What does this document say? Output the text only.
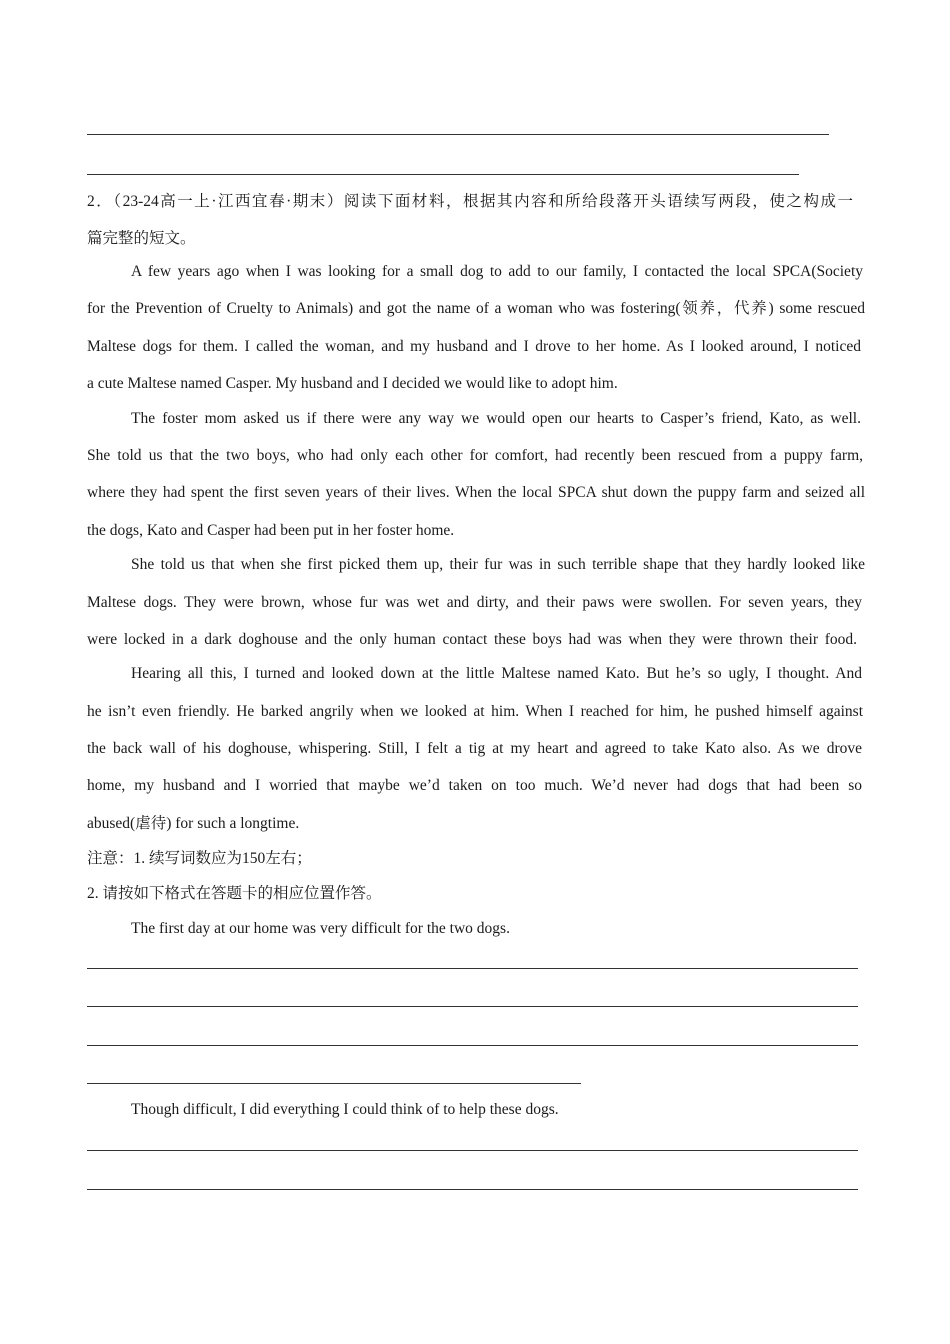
2．（23-24高一上·江西宜春·期末）阅读下面材料，根据其内容和所给段落开头语续写两段，使之构成一
篇完整的短文。
A few years ago when I was looking for a small dog to add to our family, I contacted the local SPCA(Society
for the Prevention of Cruelty to Animals) and got the name of a woman who was fostering(领养，代养) some rescued
Maltese dogs for them. I called the woman, and my husband and I drove to her home. As I looked around, I noticed
a cute Maltese named Casper. My husband and I decided we would like to adopt him.
The foster mom asked us if there were any way we would open our hearts to Casper’s friend, Kato, as well.
She told us that the two boys, who had only each other for comfort, had recently been rescued from a puppy farm,
where they had spent the first seven years of their lives. When the local SPCA shut down the puppy farm and seized all
the dogs, Kato and Casper had been put in her foster home.
She told us that when she first picked them up, their fur was in such terrible shape that they hardly looked like
Maltese dogs. They were brown, whose fur was wet and dirty, and their paws were swollen. For seven years, they
were locked in a dark doghouse and the only human contact these boys had was when they were thrown their food.
Hearing all this, I turned and looked down at the little Maltese named Kato. But he’s so ugly, I thought. And
he isn’t even friendly. He barked angrily when we looked at him. When I reached for him, he pushed himself against
the back wall of his doghouse, whispering. Still, I felt a tig at my heart and agreed to take Kato also. As we drove
home, my husband and I worried that maybe we’d taken on too much. We’d never had dogs that had been so
abused(虐待) for such a longtime.
注意：1. 续写词数应为150左右；
2. 请按如下格式在答题卡的相应位置作答。
The first day at our home was very difficult for the two dogs.
Though difficult, I did everything I could think of to help these dogs.
